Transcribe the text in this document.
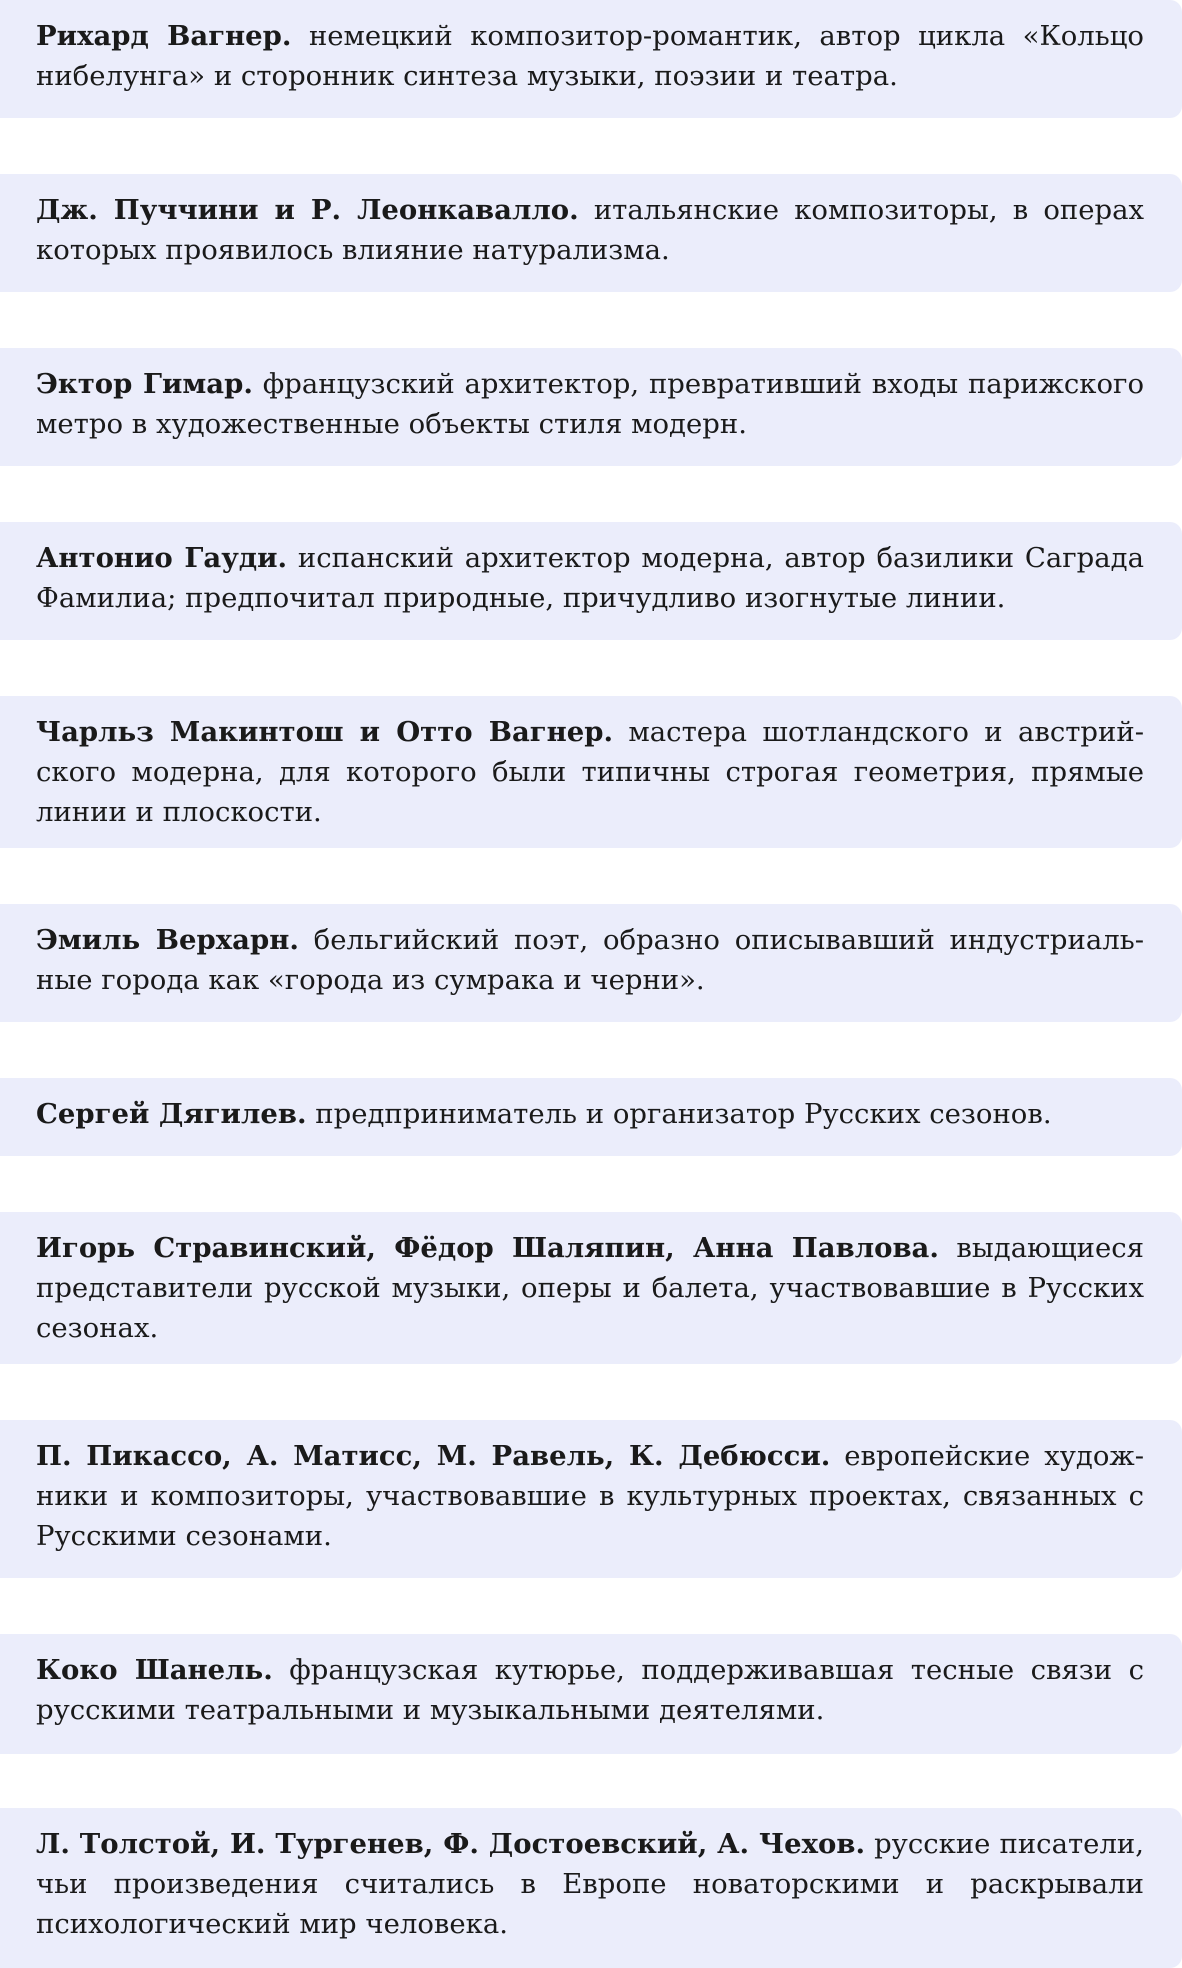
Рихард Вагнер. немецкий композитор-романтик, автор цикла «Кольцо нибелунга» и сторонник синтеза музыки, поэзии и театра.
Дж. Пуччини и Р. Леонкавалло. итальянские композиторы, в операх которых проявилось влияние натурализма.
Эктор Гимар. французский архитектор, превративший входы парижского метро в художественные объекты стиля модерн.
Антонио Гауди. испанский архитектор модерна, автор базилики Саграда Фамилиа; предпочитал природные, причудливо изогнутые линии.
Чарльз Макинтош и Отто Вагнер. мастера шотландского и австрийского модерна, для которого были типичны строгая геометрия, прямые линии и плоскости.
Эмиль Верхарн. бельгийский поэт, образно описывавший индустриальные города как «города из сумрака и черни».
Сергей Дягилев. предприниматель и организатор Русских сезонов.
Игорь Стравинский, Фёдор Шаляпин, Анна Павлова. выдающиеся представители русской музыки, оперы и балета, участвовавшие в Русских сезонах.
П. Пикассо, А. Матисс, М. Равель, К. Дебюсси. европейские художники и композиторы, участвовавшие в культурных проектах, связанных с Русскими сезонами.
Коко Шанель. французская кутюрье, поддерживавшая тесные связи с русскими театральными и музыкальными деятелями.
Л. Толстой, И. Тургенев, Ф. Достоевский, А. Чехов. русские писатели, чьи произведения считались в Европе новаторскими и раскрывали психологический мир человека.
